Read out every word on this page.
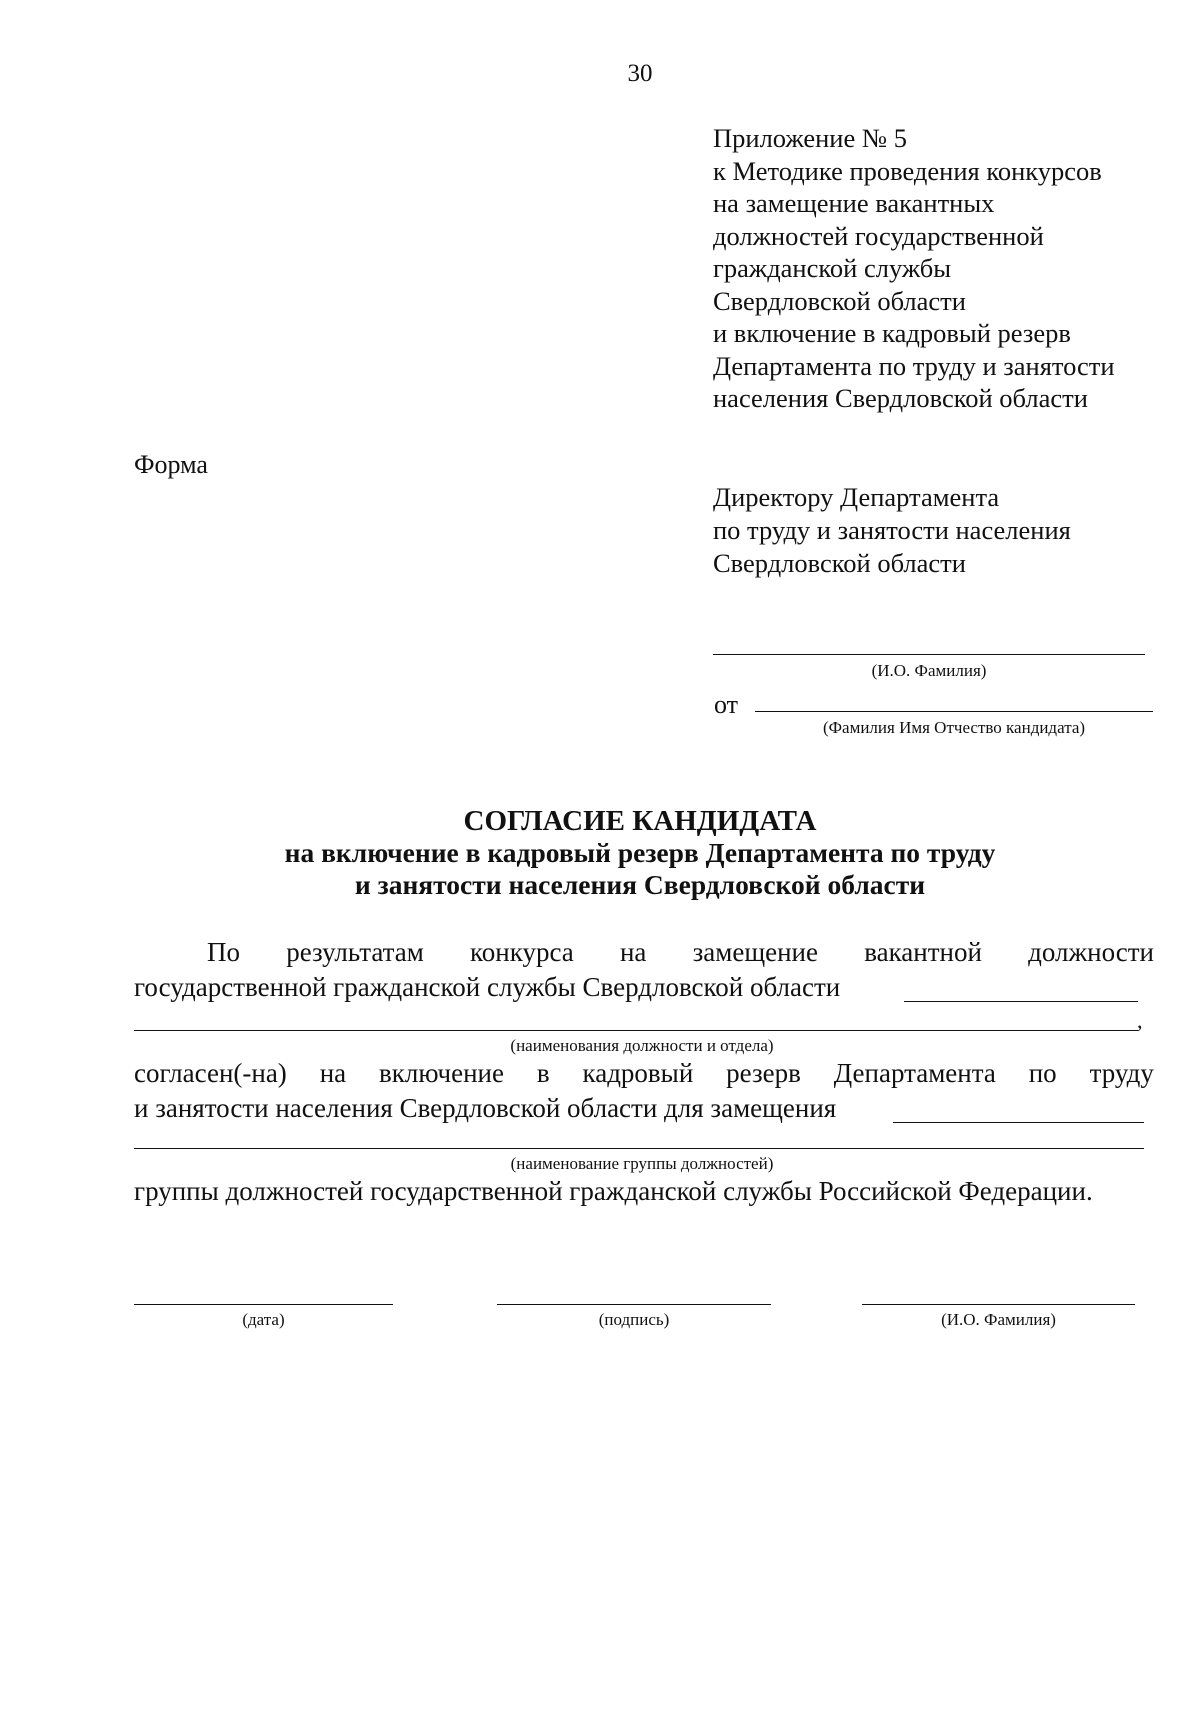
30
Приложение № 5
к Методике проведения конкурсов
на замещение вакантных
должностей государственной
гражданской службы
Свердловской области
и включение в кадровый резерв
Департамента по труду и занятости
населения Свердловской области
Форма
Директору Департамента
по труду и занятости населения
Свердловской области
(И.О. Фамилия)
от
(Фамилия Имя Отчество кандидата)
СОГЛАСИЕ КАНДИДАТА
на включение в кадровый резерв Департамента по труду
и занятости населения Свердловской области
По результатам конкурса на замещение вакантной должности
государственной гражданской службы Свердловской области
,
(наименования должности и отдела)
согласен(-на) на включение в кадровый резерв Департамента по труду
и занятости населения Свердловской области для замещения
(наименование группы должностей)
группы должностей государственной гражданской службы Российской Федерации.
(дата)	(подпись)	(И.О. Фамилия)
